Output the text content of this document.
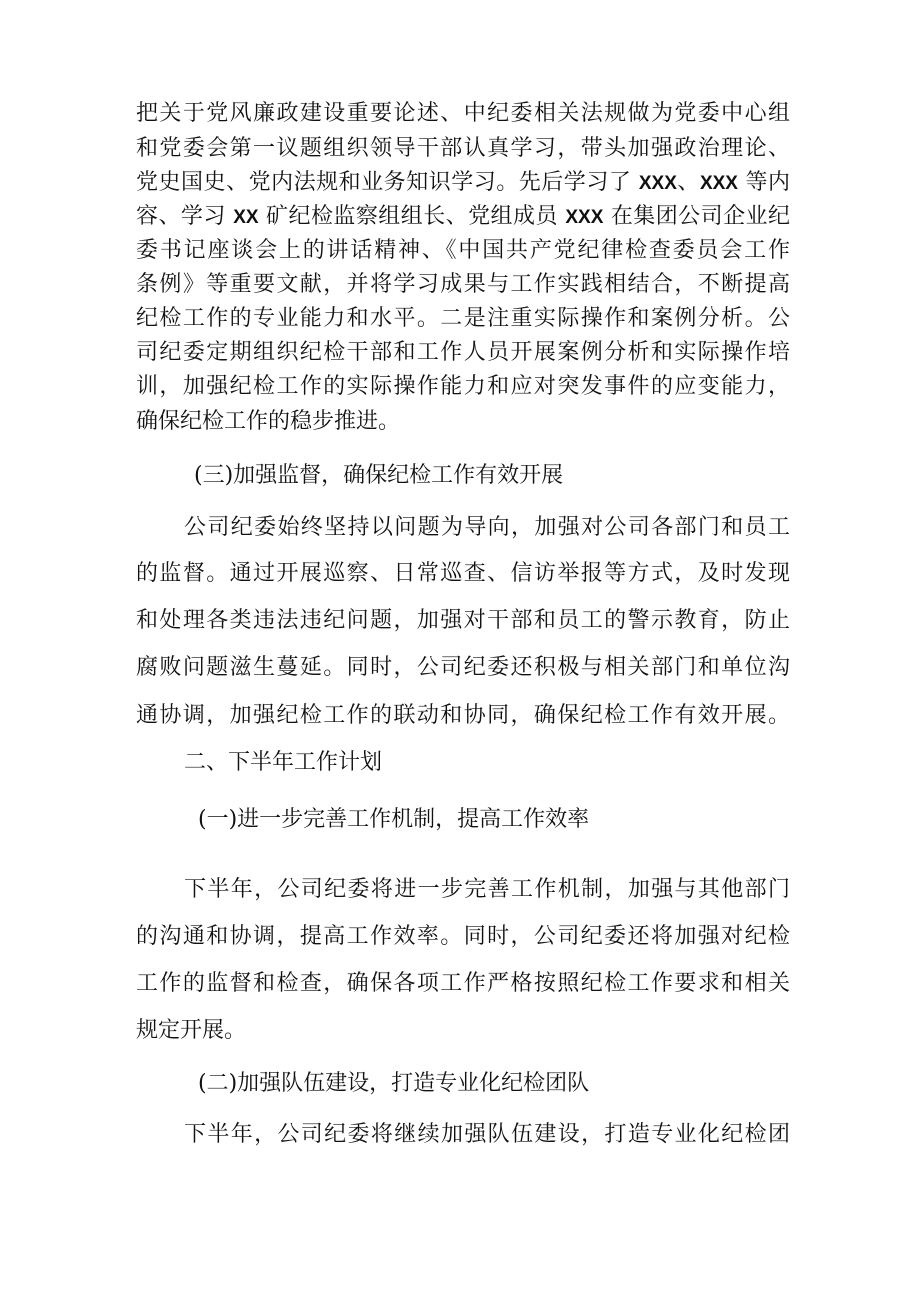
把关于党风廉政建设重要论述、中纪委相关法规做为党委中心组
和党委会第一议题组织领导干部认真学习，带头加强政治理论、
党史国史、党内法规和业务知识学习。先后学习了 XXX、XXX 等内
容、学习 XX 矿纪检监察组组长、党组成员 XXX 在集团公司企业纪
委书记座谈会上的讲话精神、《中国共产党纪律检查委员会工作
条例》等重要文献，并将学习成果与工作实践相结合，不断提高
纪检工作的专业能力和水平。二是注重实际操作和案例分析。公
司纪委定期组织纪检干部和工作人员开展案例分析和实际操作培
训，加强纪检工作的实际操作能力和应对突发事件的应变能力，
确保纪检工作的稳步推进。
(三)加强监督，确保纪检工作有效开展
公司纪委始终坚持以问题为导向，加强对公司各部门和员工
的监督。通过开展巡察、日常巡查、信访举报等方式，及时发现
和处理各类违法违纪问题，加强对干部和员工的警示教育，防止
腐败问题滋生蔓延。同时，公司纪委还积极与相关部门和单位沟
通协调，加强纪检工作的联动和协同，确保纪检工作有效开展。
二、下半年工作计划
(一)进一步完善工作机制，提高工作效率
下半年，公司纪委将进一步完善工作机制，加强与其他部门
的沟通和协调，提高工作效率。同时，公司纪委还将加强对纪检
工作的监督和检查，确保各项工作严格按照纪检工作要求和相关
规定开展。
(二)加强队伍建设，打造专业化纪检团队
下半年，公司纪委将继续加强队伍建设，打造专业化纪检团
